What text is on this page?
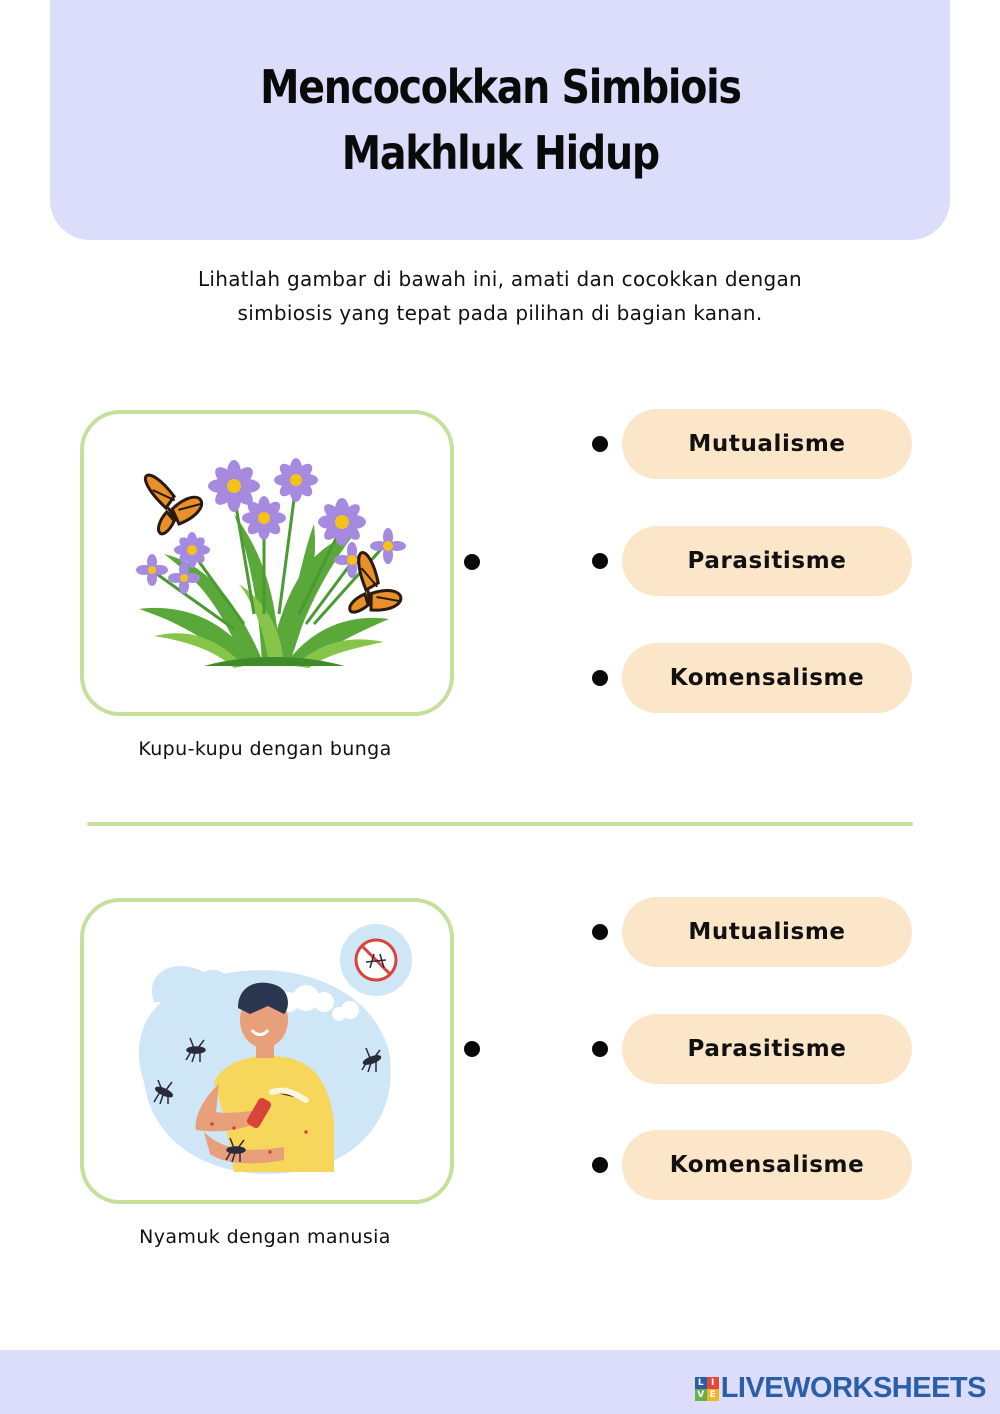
Mencocokkan Simbiois
Makhluk Hidup
Lihatlah gambar di bawah ini, amati dan cocokkan dengan
simbiosis yang tepat pada pilihan di bagian kanan.
Kupu-kupu dengan bunga
Mutualisme
Parasitisme
Komensalisme
Nyamuk dengan manusia
Mutualisme
Parasitisme
Komensalisme
L I
V E LIVEWORKSHEETS
